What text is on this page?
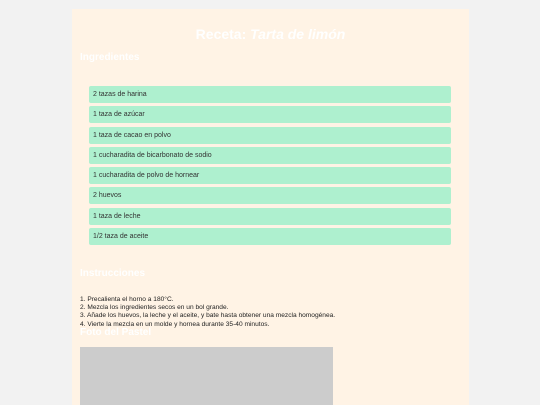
Receta: Tarta de limón
Ingredientes
2 tazas de harina
1 taza de azúcar
1 taza de cacao en polvo
1 cucharadita de bicarbonato de sodio
1 cucharadita de polvo de hornear
2 huevos
1 taza de leche
1/2 taza de aceite
Instrucciones
1. Precalienta el horno a 180°C.
2. Mezcla los ingredientes secos en un bol grande.
3. Añade los huevos, la leche y el aceite, y bate hasta obtener una mezcla homogénea.
4. Vierte la mezcla en un molde y hornea durante 35-40 minutos.
Foto del Pastel
